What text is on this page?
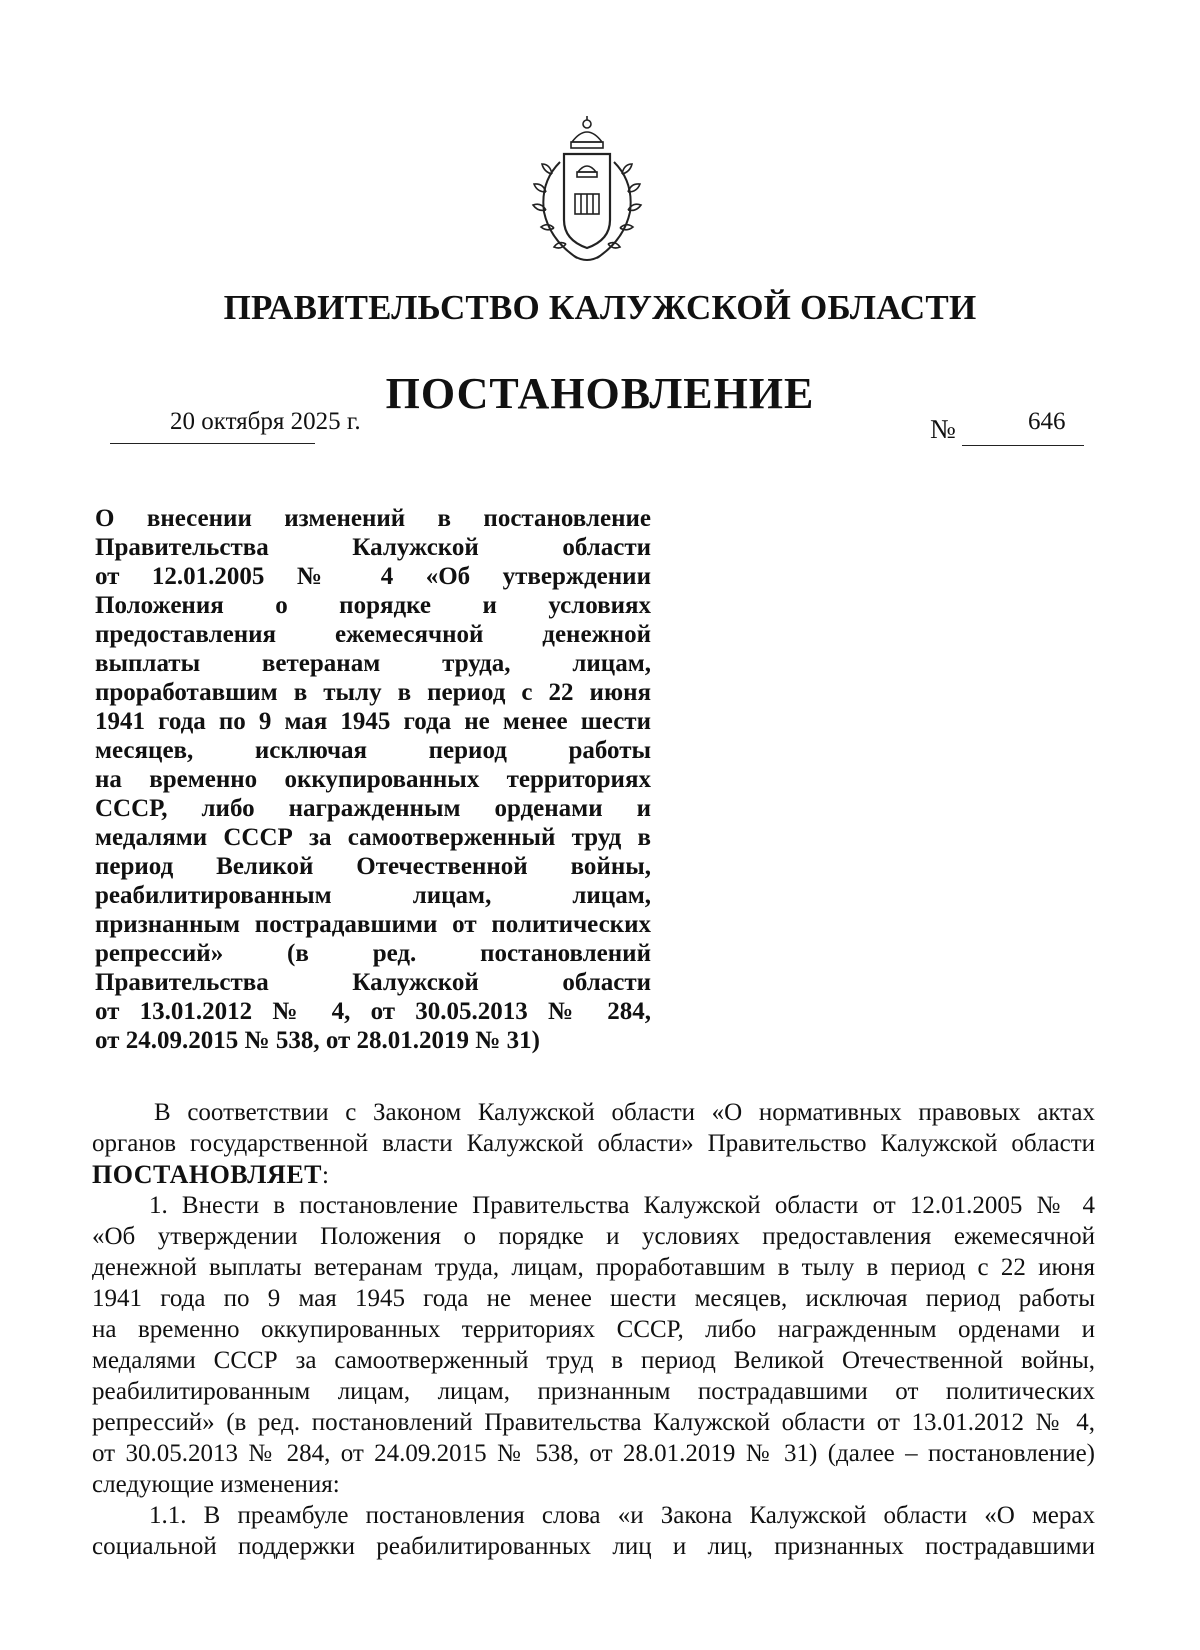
ПРАВИТЕЛЬСТВО КАЛУЖСКОЙ ОБЛАСТИ
ПОСТАНОВЛЕНИЕ
20 октября 2025 г.	№	646
О внесении изменений в постановление
Правительства Калужской области
от 12.01.2005 № 4 «Об утверждении
Положения о порядке и условиях
предоставления ежемесячной денежной
выплаты ветеранам труда, лицам,
проработавшим в тылу в период с 22 июня
1941 года по 9 мая 1945 года не менее шести
месяцев, исключая период работы
на временно оккупированных территориях
СССР, либо награжденным орденами и
медалями СССР за самоотверженный труд в
период Великой Отечественной войны,
реабилитированным лицам, лицам,
признанным пострадавшими от политических
репрессий» (в ред. постановлений
Правительства Калужской области
от 13.01.2012 № 4, от 30.05.2013 № 284,
от 24.09.2015 № 538, от 28.01.2019 № 31)
В соответствии с Законом Калужской области «О нормативных правовых актах
органов государственной власти Калужской области» Правительство Калужской области
ПОСТАНОВЛЯЕТ:
1. Внести в постановление Правительства Калужской области от 12.01.2005 № 4
«Об утверждении Положения о порядке и условиях предоставления ежемесячной
денежной выплаты ветеранам труда, лицам, проработавшим в тылу в период с 22 июня
1941 года по 9 мая 1945 года не менее шести месяцев, исключая период работы
на временно оккупированных территориях СССР, либо награжденным орденами и
медалями СССР за самоотверженный труд в период Великой Отечественной войны,
реабилитированным лицам, лицам, признанным пострадавшими от политических
репрессий» (в ред. постановлений Правительства Калужской области от 13.01.2012 № 4,
от 30.05.2013 № 284, от 24.09.2015 № 538, от 28.01.2019 № 31) (далее – постановление)
следующие изменения:
1.1. В преамбуле постановления слова «и Закона Калужской области «О мерах
социальной поддержки реабилитированных лиц и лиц, признанных пострадавшими
